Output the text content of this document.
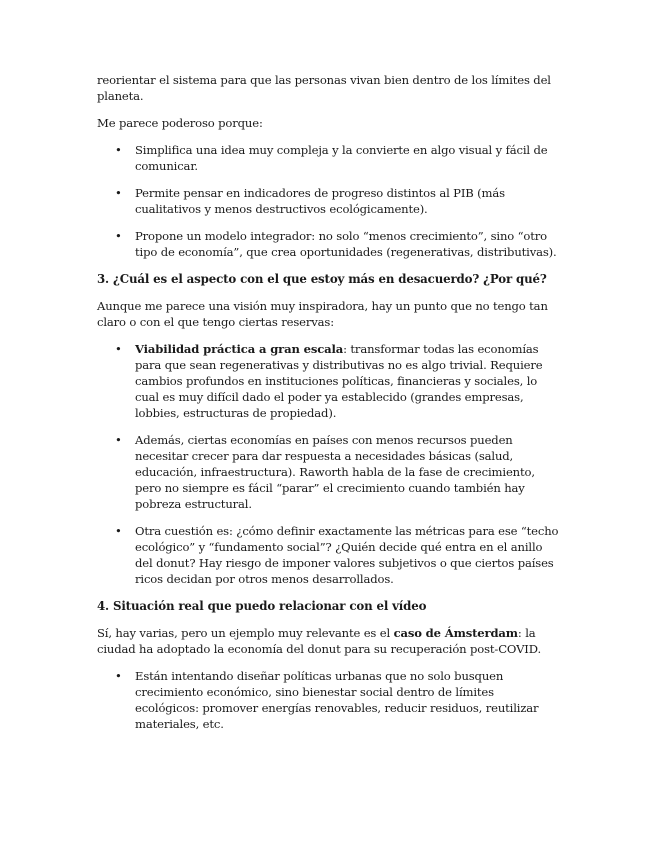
reorientar el sistema para que las personas vivan bien dentro de los límites del planeta.

Me parece poderoso porque:

• Simplifica una idea muy compleja y la convierte en algo visual y fácil de comunicar.
• Permite pensar en indicadores de progreso distintos al PIB (más cualitativos y menos destructivos ecológicamente).
• Propone un modelo integrador: no solo “menos crecimiento”, sino “otro tipo de economía”, que crea oportunidades (regenerativas, distributivas).
3. ¿Cuál es el aspecto con el que estoy más en desacuerdo? ¿Por qué?

Aunque me parece una visión muy inspiradora, hay un punto que no tengo tan claro o con el que tengo ciertas reservas:

• Viabilidad práctica a gran escala: transformar todas las economías para que sean regenerativas y distributivas no es algo trivial. Requiere cambios profundos en instituciones políticas, financieras y sociales, lo cual es muy difícil dado el poder ya establecido (grandes empresas, lobbies, estructuras de propiedad).
• Además, ciertas economías en países con menos recursos pueden necesitar crecer para dar respuesta a necesidades básicas (salud, educación, infraestructura). Raworth habla de la fase de crecimiento, pero no siempre es fácil “parar” el crecimiento cuando también hay pobreza estructural.
• Otra cuestión es: ¿cómo definir exactamente las métricas para ese “techo ecológico” y “fundamento social”? ¿Quién decide qué entra en el anillo del donut? Hay riesgo de imponer valores subjetivos o que ciertos países ricos decidan por otros menos desarrollados.
4. Situación real que puedo relacionar con el vídeo

Sí, hay varias, pero un ejemplo muy relevante es el caso de Ámsterdam: la ciudad ha adoptado la economía del donut para su recuperación post-COVID.

• Están intentando diseñar políticas urbanas que no solo busquen crecimiento económico, sino bienestar social dentro de límites ecológicos: promover energías renovables, reducir residuos, reutilizar materiales, etc.
